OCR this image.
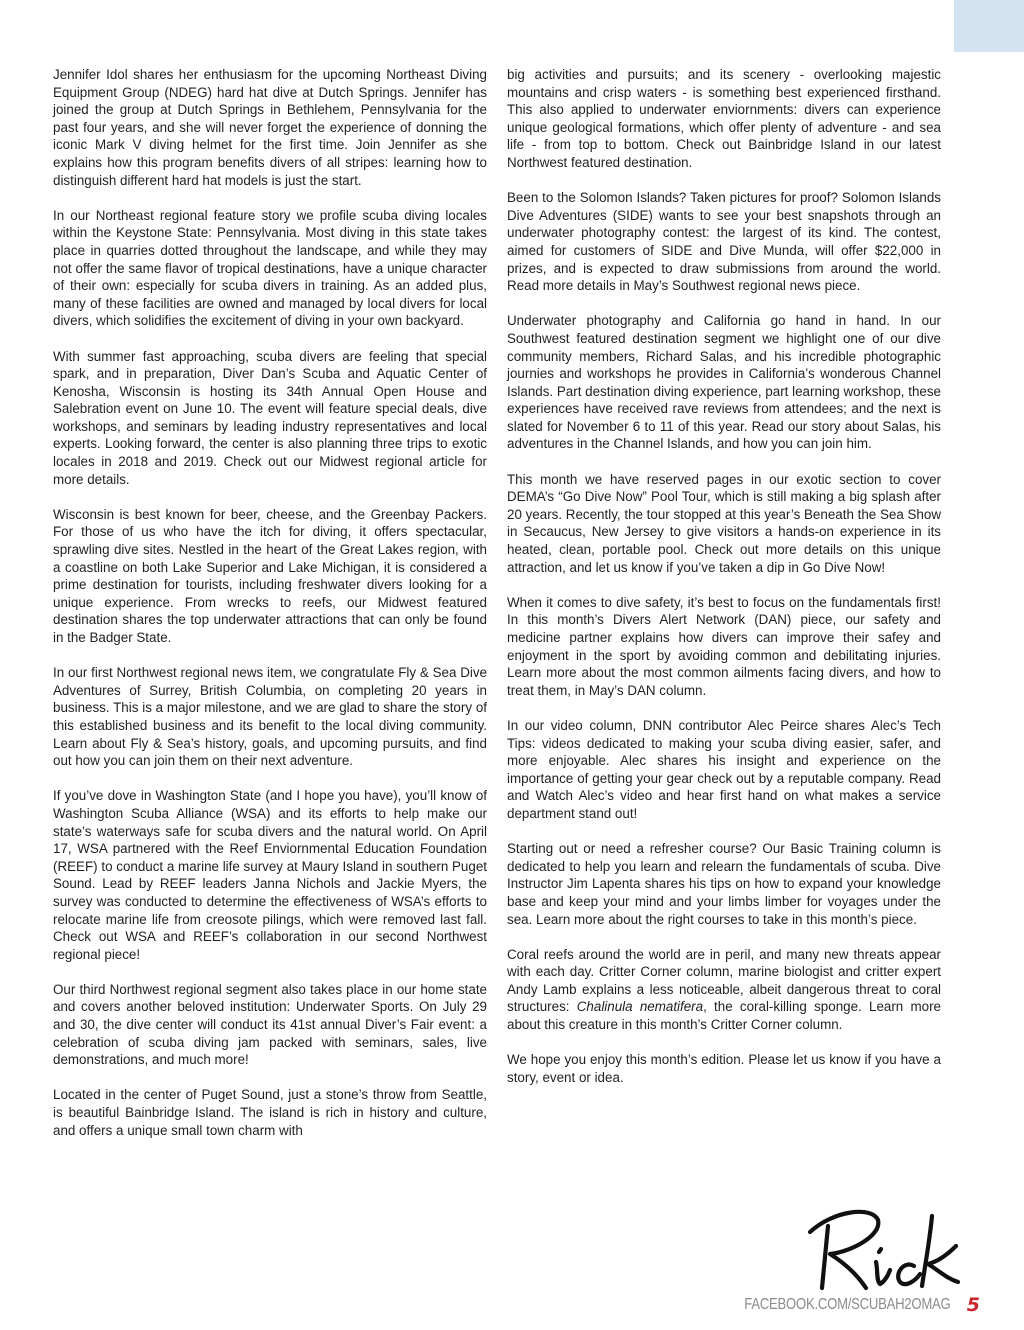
Jennifer Idol shares her enthusiasm for the upcoming Northeast Diving Equipment Group (NDEG) hard hat dive at Dutch Springs. Jennifer has joined the group at Dutch Springs in Bethlehem, Pennsylvania for the past four years, and she will never forget the experience of donning the iconic Mark V diving helmet for the first time. Join Jennifer as she explains how this program benefits divers of all stripes: learning how to distinguish different hard hat models is just the start.

In our Northeast regional feature story we profile scuba diving locales within the Keystone State: Pennsylvania. Most diving in this state takes place in quarries dotted throughout the landscape, and while they may not offer the same flavor of tropical destinations, have a unique character of their own: especially for scuba divers in training. As an added plus, many of these facilities are owned and managed by local divers for local divers, which solidifies the excitement of diving in your own backyard.

With summer fast approaching, scuba divers are feeling that special spark, and in preparation, Diver Dan’s Scuba and Aquatic Center of Kenosha, Wisconsin is hosting its 34th Annual Open House and Salebration event on June 10. The event will feature special deals, dive workshops, and seminars by leading industry representatives and local experts. Looking forward, the center is also planning three trips to exotic locales in 2018 and 2019. Check out our Midwest regional article for more details.

Wisconsin is best known for beer, cheese, and the Greenbay Packers. For those of us who have the itch for diving, it offers spectacular, sprawling dive sites. Nestled in the heart of the Great Lakes region, with a coastline on both Lake Superior and Lake Michigan, it is considered a prime destination for tourists, including freshwater divers looking for a unique experience. From wrecks to reefs, our Midwest featured destination shares the top underwater attractions that can only be found in the Badger State.

In our first Northwest regional news item, we congratulate Fly & Sea Dive Adventures of Surrey, British Columbia, on completing 20 years in business. This is a major milestone, and we are glad to share the story of this established business and its benefit to the local diving community. Learn about Fly & Sea’s history, goals, and upcoming pursuits, and find out how you can join them on their next adventure.

If you’ve dove in Washington State (and I hope you have), you’ll know of Washington Scuba Alliance (WSA) and its efforts to help make our state’s waterways safe for scuba divers and the natural world. On April 17, WSA partnered with the Reef Enviornmental Education Foundation (REEF) to conduct a marine life survey at Maury Island in southern Puget Sound. Lead by REEF leaders Janna Nichols and Jackie Myers, the survey was conducted to determine the effectiveness of WSA’s efforts to relocate marine life from creosote pilings, which were removed last fall. Check out WSA and REEF’s collaboration in our second Northwest regional piece!

Our third Northwest regional segment also takes place in our home state and covers another beloved institution: Underwater Sports. On July 29 and 30, the dive center will conduct its 41st annual Diver’s Fair event: a celebration of scuba diving jam packed with seminars, sales, live demonstrations, and much more!

Located in the center of Puget Sound, just a stone’s throw from Seattle, is beautiful Bainbridge Island. The island is rich in history and culture, and offers a unique small town charm with

big activities and pursuits; and its scenery - overlooking majestic mountains and crisp waters - is something best experienced firsthand. This also applied to underwater enviornments: divers can experience unique geological formations, which offer plenty of adventure - and sea life - from top to bottom. Check out Bainbridge Island in our latest Northwest featured destination.

Been to the Solomon Islands? Taken pictures for proof? Solomon Islands Dive Adventures (SIDE) wants to see your best snapshots through an underwater photography contest: the largest of its kind. The contest, aimed for customers of SIDE and Dive Munda, will offer $22,000 in prizes, and is expected to draw submissions from around the world. Read more details in May’s Southwest regional news piece.

Underwater photography and California go hand in hand. In our Southwest featured destination segment we highlight one of our dive community members, Richard Salas, and his incredible photographic journies and workshops he provides in California’s wonderous Channel Islands. Part destination diving experience, part learning workshop, these experiences have received rave reviews from attendees; and the next is slated for November 6 to 11 of this year. Read our story about Salas, his adventures in the Channel Islands, and how you can join him.

This month we have reserved pages in our exotic section to cover DEMA’s “Go Dive Now” Pool Tour, which is still making a big splash after 20 years. Recently, the tour stopped at this year’s Beneath the Sea Show in Secaucus, New Jersey to give visitors a hands-on experience in its heated, clean, portable pool. Check out more details on this unique attraction, and let us know if you’ve taken a dip in Go Dive Now!

When it comes to dive safety, it’s best to focus on the fundamentals first! In this month’s Divers Alert Network (DAN) piece, our safety and medicine partner explains how divers can improve their safey and enjoyment in the sport by avoiding common and debilitating injuries. Learn more about the most common ailments facing divers, and how to treat them, in May’s DAN column.

In our video column, DNN contributor Alec Peirce shares Alec’s Tech Tips: videos dedicated to making your scuba diving easier, safer, and more enjoyable. Alec shares his insight and experience on the importance of getting your gear check out by a reputable company. Read and Watch Alec’s video and hear first hand on what makes a service department stand out!

Starting out or need a refresher course? Our Basic Training column is dedicated to help you learn and relearn the fundamentals of scuba. Dive Instructor Jim Lapenta shares his tips on how to expand your knowledge base and keep your mind and your limbs limber for voyages under the sea. Learn more about the right courses to take in this month’s piece.

Coral reefs around the world are in peril, and many new threats appear with each day. Critter Corner column, marine biologist and critter expert Andy Lamb explains a less noticeable, albeit dangerous threat to coral structures: Chalinula nematifera, the coral-killing sponge. Learn more about this creature in this month’s Critter Corner column.

We hope you enjoy this month’s edition. Please let us know if you have a story, event or idea.

FACEBOOK.COM/SCUBAH2OMAG 5
